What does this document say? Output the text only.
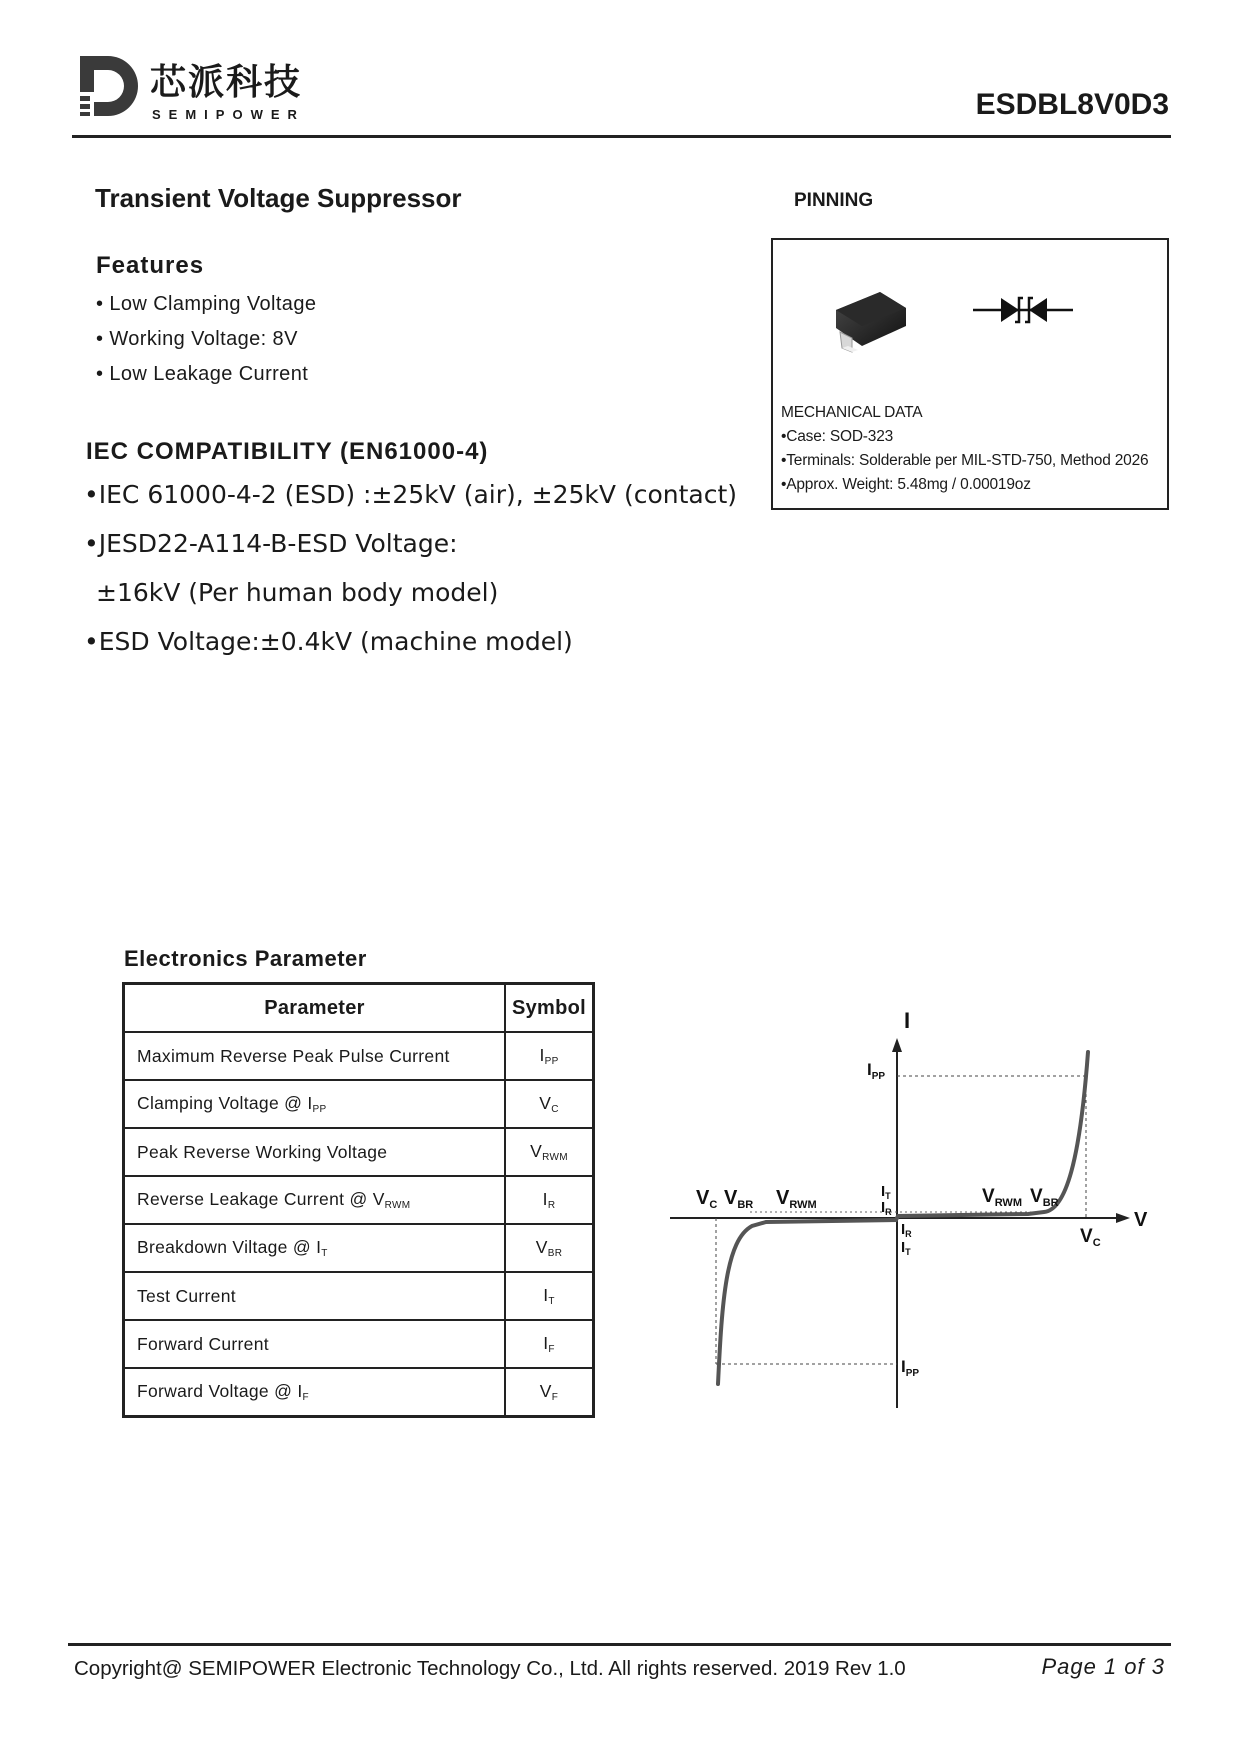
芯派科技
SEMIPOWER	ESDBL8V0D3
Transient Voltage Suppressor
Features
• Low Clamping Voltage
• Working Voltage: 8V
• Low Leakage Current
IEC COMPATIBILITY (EN61000-4)
•IEC 61000-4-2 (ESD) :±25kV (air), ±25kV (contact)
•JESD22-A114-B-ESD Voltage:
±16kV (Per human body model)
•ESD Voltage:±0.4kV (machine model)
PINNING
MECHANICAL DATA
•Case: SOD-323
•Terminals: Solderable per MIL-STD-750, Method 2026
•Approx. Weight: 5.48mg / 0.00019oz
Electronics Parameter
Parameter	Symbol
Maximum Reverse Peak Pulse Current	$I_{PP}$
Clamping Voltage @ $I_{PP}$	$V_C$
Peak Reverse Working Voltage	$V_{RWM}$
Reverse Leakage Current @ $V_{RWM}$	$I_R$
Breakdown Viltage @ $I_T$	$V_{BR}$
Test Current	$I_T$
Forward Current	$I_F$
Forward Voltage @ $I_F$	$V_F$
I
V
$I_{PP}$
$I_{PP}$
$I_T$
$I_R$
$I_R$
$I_T$
$V_C$ $V_{BR}$ $V_{RWM}$	$V_{RWM}$ $V_{BR}$
$V_C$
Copyright@ SEMIPOWER Electronic Technology Co., Ltd. All rights reserved. 2019 Rev 1.0	Page 1 of 3
